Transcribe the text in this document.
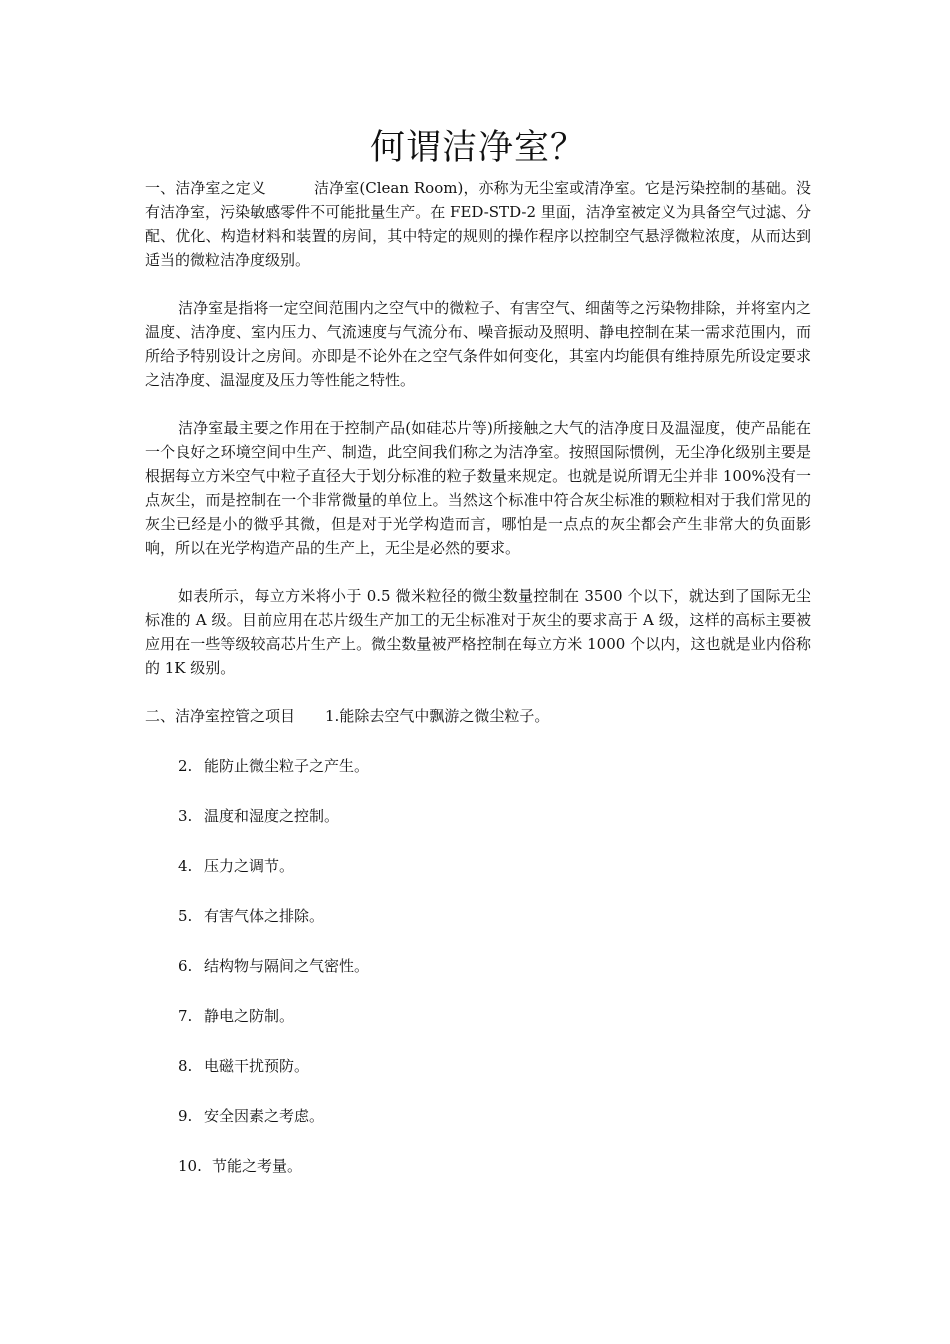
何谓洁净室？

一、洁净室之定义	洁净室(Clean Room)，亦称为无尘室或清净室。它是污染控制的基础。没有洁净室，污染敏感零件不可能批量生产。在 FED-STD-2 里面，洁净室被定义为具备空气过滤、分配、优化、构造材料和装置的房间，其中特定的规则的操作程序以控制空气悬浮微粒浓度，从而达到适当的微粒洁净度级别。

洁净室是指将一定空间范围内之空气中的微粒子、有害空气、细菌等之污染物排除，并将室内之温度、洁净度、室内压力、气流速度与气流分布、噪音振动及照明、静电控制在某一需求范围内，而所给予特别设计之房间。亦即是不论外在之空气条件如何变化，其室内均能俱有维持原先所设定要求之洁净度、温湿度及压力等性能之特性。

洁净室最主要之作用在于控制产品(如硅芯片等)所接触之大气的洁净度日及温湿度，使产品能在一个良好之环境空间中生产、制造，此空间我们称之为洁净室。按照国际惯例，无尘净化级别主要是根据每立方米空气中粒子直径大于划分标准的粒子数量来规定。也就是说所谓无尘并非 100%没有一点灰尘，而是控制在一个非常微量的单位上。当然这个标准中符合灰尘标准的颗粒相对于我们常见的灰尘已经是小的微乎其微，但是对于光学构造而言，哪怕是一点点的灰尘都会产生非常大的负面影响，所以在光学构造产品的生产上，无尘是必然的要求。

如表所示，每立方米将小于 0.5 微米粒径的微尘数量控制在 3500 个以下，就达到了国际无尘标准的 A 级。目前应用在芯片级生产加工的无尘标准对于灰尘的要求高于 A 级，这样的高标主要被应用在一些等级较高芯片生产上。微尘数量被严格控制在每立方米 1000 个以内，这也就是业内俗称的 1K 级别。

二、洁净室控管之项目 1.能除去空气中飘游之微尘粒子。

2. 能防止微尘粒子之产生。

3. 温度和湿度之控制。

4. 压力之调节。

5. 有害气体之排除。

6. 结构物与隔间之气密性。

7. 静电之防制。

8. 电磁干扰预防。

9. 安全因素之考虑。

10. 节能之考量。
